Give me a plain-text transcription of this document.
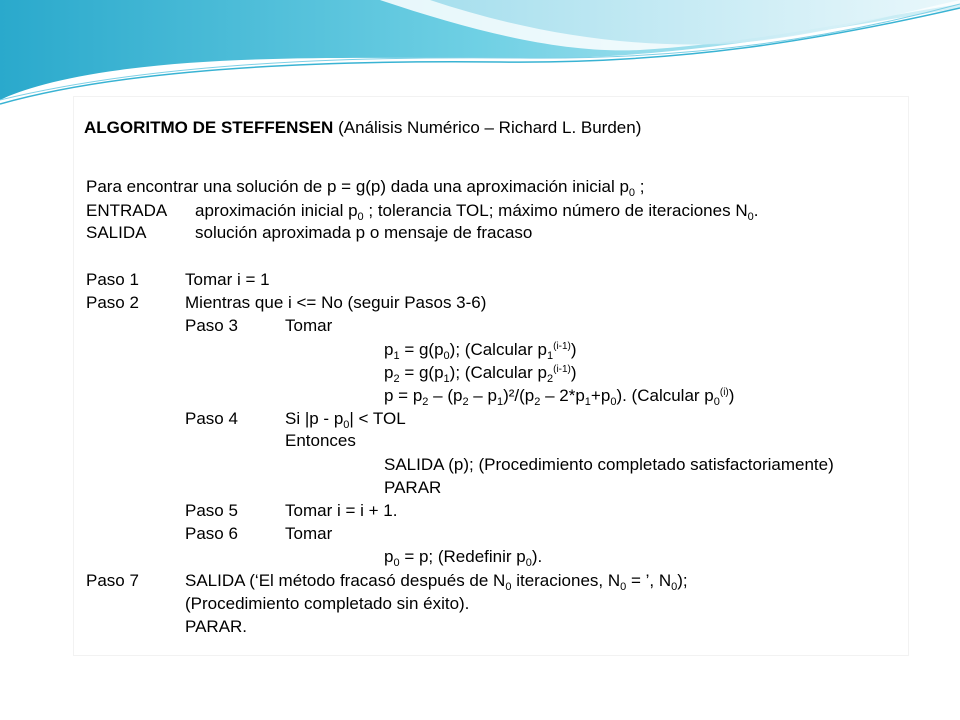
ALGORITMO DE STEFFENSEN (Análisis Numérico – Richard L. Burden)
Para encontrar una solución de p = g(p) dada una aproximación inicial $p_0$ ;
ENTRADA aproximación inicial $p_0$ ; tolerancia TOL; máximo número de iteraciones $N_0$.
SALIDA	solución aproximada p o mensaje de fracaso
Paso 1	Tomar i = 1
Paso 2	Mientras que i <= No (seguir Pasos 3-6)
Paso 3	Tomar
$p_1 = g(p_0)$; (Calcular $p_1^{(i-1)}$)
$p_2 = g(p_1)$; (Calcular $p_2^{(i-1)}$)
$p = p_2 - (p_2 - p_1)^2/(p_2 - 2*p_1+p_0)$. (Calcular $p_0^{(i)}$)
Paso 4	Si $|p - p_0|$ < TOL
Entonces
SALIDA (p); (Procedimiento completado satisfactoriamente)
PARAR
Paso 5	Tomar i = i + 1.
Paso 6	Tomar
$p_0 = p$; (Redefinir $p_0$).
Paso 7	SALIDA (‘El método fracasó después de $N_0$ iteraciones, $N_0$ = ’, $N_0$);
(Procedimiento completado sin éxito).
PARAR.
